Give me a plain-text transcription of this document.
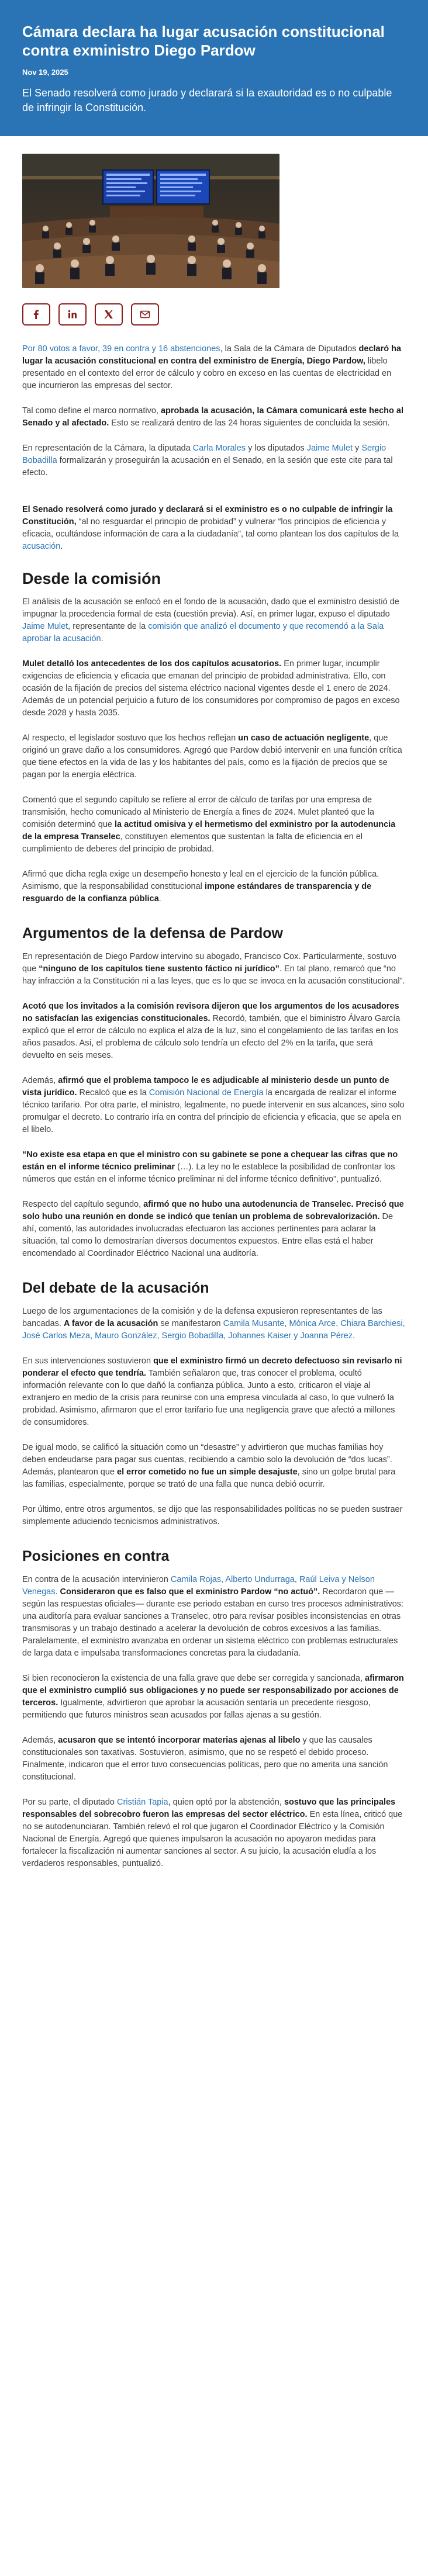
Cámara declara ha lugar acusación constitucional contra exministro Diego Pardow
Nov 19, 2025
El Senado resolverá como jurado y declarará si la exautoridad es o no culpable de infringir la Constitución.

Por 80 votos a favor, 39 en contra y 16 abstenciones, la Sala de la Cámara de Diputados declaró ha lugar la acusación constitucional en contra del exministro de Energía, Diego Pardow, libelo presentado en el contexto del error de cálculo y cobro en exceso en las cuentas de electricidad en que incurrieron las empresas del sector.

Tal como define el marco normativo, aprobada la acusación, la Cámara comunicará este hecho al Senado y al afectado. Esto se realizará dentro de las 24 horas siguientes de concluida la sesión.

En representación de la Cámara, la diputada Carla Morales y los diputados Jaime Mulet y Sergio Bobadilla formalizarán y proseguirán la acusación en el Senado, en la sesión que este cite para tal efecto.

El Senado resolverá como jurado y declarará si el exministro es o no culpable de infringir la Constitución, “al no resguardar el principio de probidad” y vulnerar “los principios de eficiencia y eficacia, ocultándose información de cara a la ciudadanía”, tal como plantean los dos capítulos de la acusación.

Desde la comisión

El análisis de la acusación se enfocó en el fondo de la acusación, dado que el exministro desistió de impugnar la procedencia formal de esta (cuestión previa). Así, en primer lugar, expuso el diputado Jaime Mulet, representante de la comisión que analizó el documento y que recomendó a la Sala aprobar la acusación.

Mulet detalló los antecedentes de los dos capítulos acusatorios. En primer lugar, incumplir exigencias de eficiencia y eficacia que emanan del principio de probidad administrativa. Ello, con ocasión de la fijación de precios del sistema eléctrico nacional vigentes desde el 1 enero de 2024. Además de un potencial perjuicio a futuro de los consumidores por compromiso de pagos en exceso desde 2028 y hasta 2035.

Al respecto, el legislador sostuvo que los hechos reflejan un caso de actuación negligente, que originó un grave daño a los consumidores. Agregó que Pardow debió intervenir en una función crítica que tiene efectos en la vida de las y los habitantes del país, como es la fijación de precios que se pagan por la energía eléctrica.

Comentó que el segundo capítulo se refiere al error de cálculo de tarifas por una empresa de transmisión, hecho comunicado al Ministerio de Energía a fines de 2024. Mulet planteó que la comisión determinó que la actitud omisiva y el hermetismo del exministro por la autodenuncia de la empresa Transelec, constituyen elementos que sustentan la falta de eficiencia en el cumplimiento de deberes del principio de probidad.

Afirmó que dicha regla exige un desempeño honesto y leal en el ejercicio de la función pública. Asimismo, que la responsabilidad constitucional impone estándares de transparencia y de resguardo de la confianza pública.

Argumentos de la defensa de Pardow

En representación de Diego Pardow intervino su abogado, Francisco Cox. Particularmente, sostuvo que “ninguno de los capítulos tiene sustento fáctico ni jurídico”. En tal plano, remarcó que “no hay infracción a la Constitución ni a las leyes, que es lo que se invoca en la acusación constitucional”.

Acotó que los invitados a la comisión revisora dijeron que los argumentos de los acusadores no satisfacían las exigencias constitucionales. Recordó, también, que el biministro Álvaro García explicó que el error de cálculo no explica el alza de la luz, sino el congelamiento de las tarifas en los años pasados. Así, el problema de cálculo solo tendría un efecto del 2% en la tarifa, que será devuelto en seis meses.

Además, afirmó que el problema tampoco le es adjudicable al ministerio desde un punto de vista jurídico. Recalcó que es la Comisión Nacional de Energía la encargada de realizar el informe técnico tarifario. Por otra parte, el ministro, legalmente, no puede intervenir en sus alcances, sino solo promulgar el decreto. Lo contrario iría en contra del principio de eficiencia y eficacia, que se apela en el libelo.

“No existe esa etapa en que el ministro con su gabinete se pone a chequear las cifras que no están en el informe técnico preliminar (…). La ley no le establece la posibilidad de confrontar los números que están en el informe técnico preliminar ni del informe técnico definitivo”, puntualizó.

Respecto del capítulo segundo, afirmó que no hubo una autodenuncia de Transelec. Precisó que solo hubo una reunión en donde se indicó que tenían un problema de sobrevalorización. De ahí, comentó, las autoridades involucradas efectuaron las acciones pertinentes para aclarar la situación, tal como lo demostrarían diversos documentos expuestos. Entre ellas está el haber encomendado al Coordinador Eléctrico Nacional una auditoría.

Del debate de la acusación

Luego de los argumentaciones de la comisión y de la defensa expusieron representantes de las bancadas. A favor de la acusación se manifestaron Camila Musante, Mónica Arce, Chiara Barchiesi, José Carlos Meza, Mauro González, Sergio Bobadilla, Johannes Kaiser y Joanna Pérez.

En sus intervenciones sostuvieron que el exministro firmó un decreto defectuoso sin revisarlo ni ponderar el efecto que tendría. También señalaron que, tras conocer el problema, ocultó información relevante con lo que dañó la confianza pública. Junto a esto, criticaron el viaje al extranjero en medio de la crisis para reunirse con una empresa vinculada al caso, lo que vulneró la probidad. Asimismo, afirmaron que el error tarifario fue una negligencia grave que afectó a millones de consumidores.

De igual modo, se calificó la situación como un “desastre” y advirtieron que muchas familias hoy deben endeudarse para pagar sus cuentas, recibiendo a cambio solo la devolución de “dos lucas”. Además, plantearon que el error cometido no fue un simple desajuste, sino un golpe brutal para las familias, especialmente, porque se trató de una falla que nunca debió ocurrir.

Por último, entre otros argumentos, se dijo que las responsabilidades políticas no se pueden sustraer simplemente aduciendo tecnicismos administrativos.

Posiciones en contra

En contra de la acusación intervinieron Camila Rojas, Alberto Undurraga, Raúl Leiva y Nelson Venegas. Consideraron que es falso que el exministro Pardow “no actuó”. Recordaron que —según las respuestas oficiales— durante ese periodo estaban en curso tres procesos administrativos: una auditoría para evaluar sanciones a Transelec, otro para revisar posibles inconsistencias en otras transmisoras y un trabajo destinado a acelerar la devolución de cobros excesivos a las familias. Paralelamente, el exministro avanzaba en ordenar un sistema eléctrico con problemas estructurales de larga data e impulsaba transformaciones concretas para la ciudadanía.

Si bien reconocieron la existencia de una falla grave que debe ser corregida y sancionada, afirmaron que el exministro cumplió sus obligaciones y no puede ser responsabilizado por acciones de terceros. Igualmente, advirtieron que aprobar la acusación sentaría un precedente riesgoso, permitiendo que futuros ministros sean acusados por fallas ajenas a su gestión.

Además, acusaron que se intentó incorporar materias ajenas al libelo y que las causales constitucionales son taxativas. Sostuvieron, asimismo, que no se respetó el debido proceso. Finalmente, indicaron que el error tuvo consecuencias políticas, pero que no amerita una sanción constitucional.

Por su parte, el diputado Cristián Tapia, quien optó por la abstención, sostuvo que las principales responsables del sobrecobro fueron las empresas del sector eléctrico. En esta línea, criticó que no se autodenunciaran. También relevó el rol que jugaron el Coordinador Eléctrico y la Comisión Nacional de Energía. Agregó que quienes impulsaron la acusación no apoyaron medidas para fortalecer la fiscalización ni aumentar sanciones al sector. A su juicio, la acusación eludía a los verdaderos responsables, puntualizó.
